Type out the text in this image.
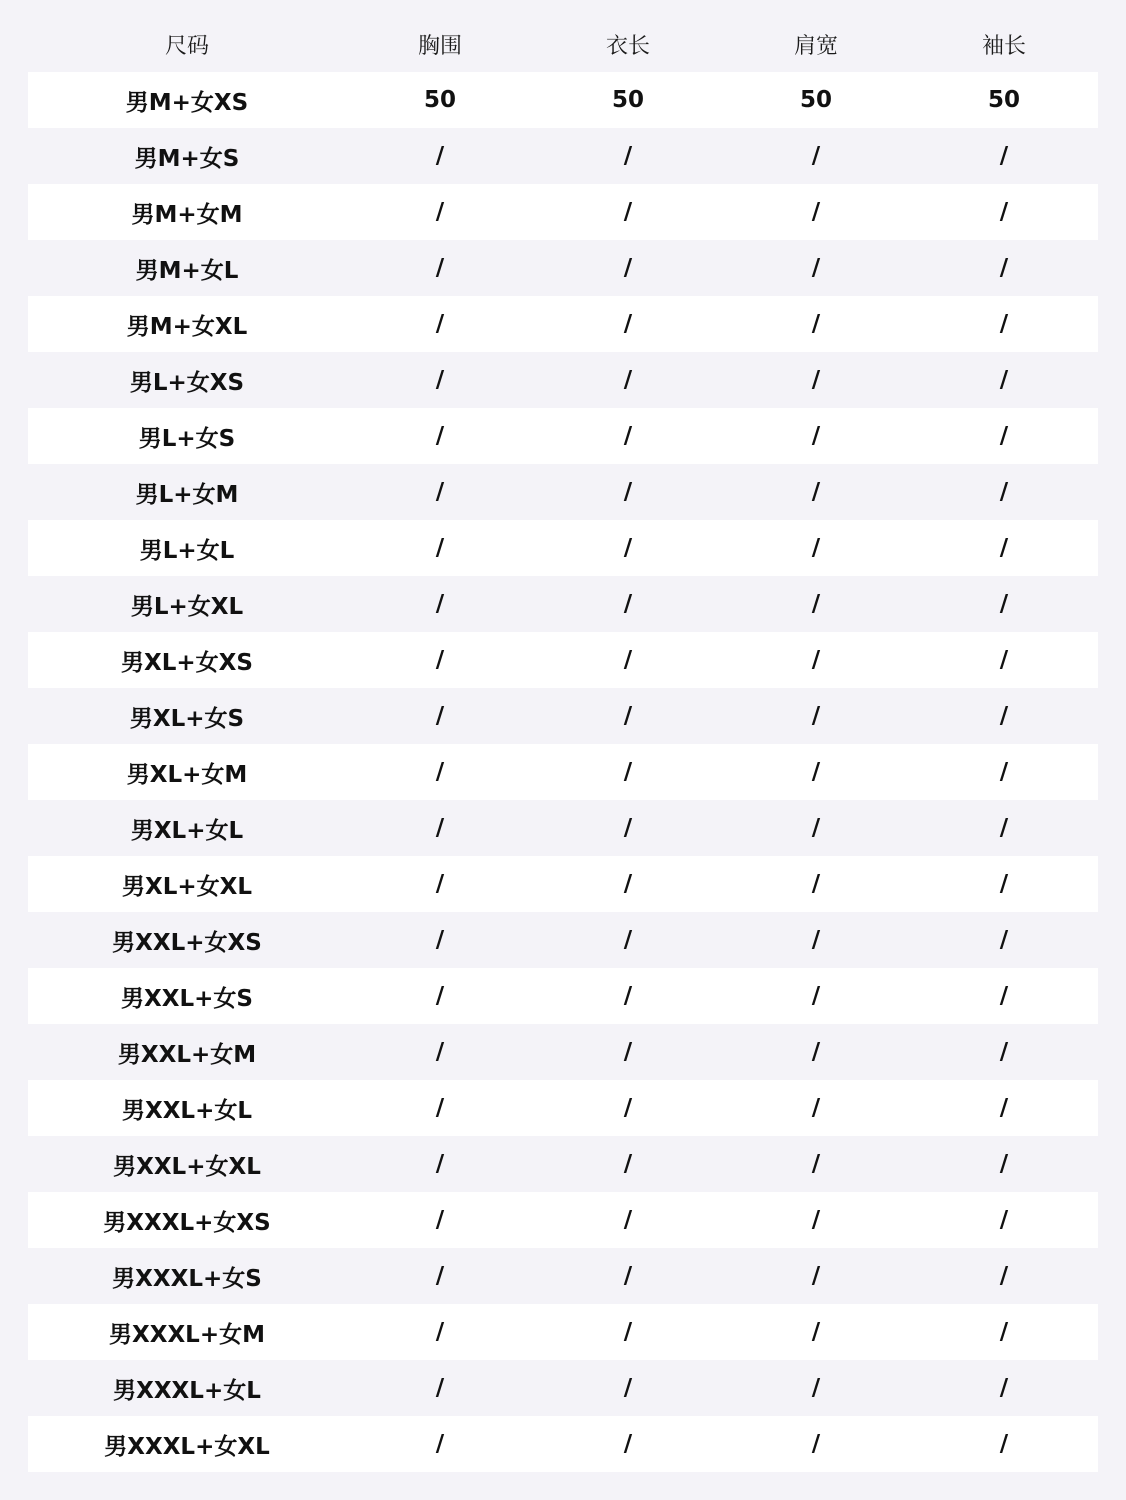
尺码	胸围	衣长	肩宽	袖长
男M+女XS	50	50	50	50
男M+女S	/	/	/	/
男M+女M	/	/	/	/
男M+女L	/	/	/	/
男M+女XL	/	/	/	/
男L+女XS	/	/	/	/
男L+女S	/	/	/	/
男L+女M	/	/	/	/
男L+女L	/	/	/	/
男L+女XL	/	/	/	/
男XL+女XS	/	/	/	/
男XL+女S	/	/	/	/
男XL+女M	/	/	/	/
男XL+女L	/	/	/	/
男XL+女XL	/	/	/	/
男XXL+女XS	/	/	/	/
男XXL+女S	/	/	/	/
男XXL+女M	/	/	/	/
男XXL+女L	/	/	/	/
男XXL+女XL	/	/	/	/
男XXXL+女XS	/	/	/	/
男XXXL+女S	/	/	/	/
男XXXL+女M	/	/	/	/
男XXXL+女L	/	/	/	/
男XXXL+女XL	/	/	/	/
